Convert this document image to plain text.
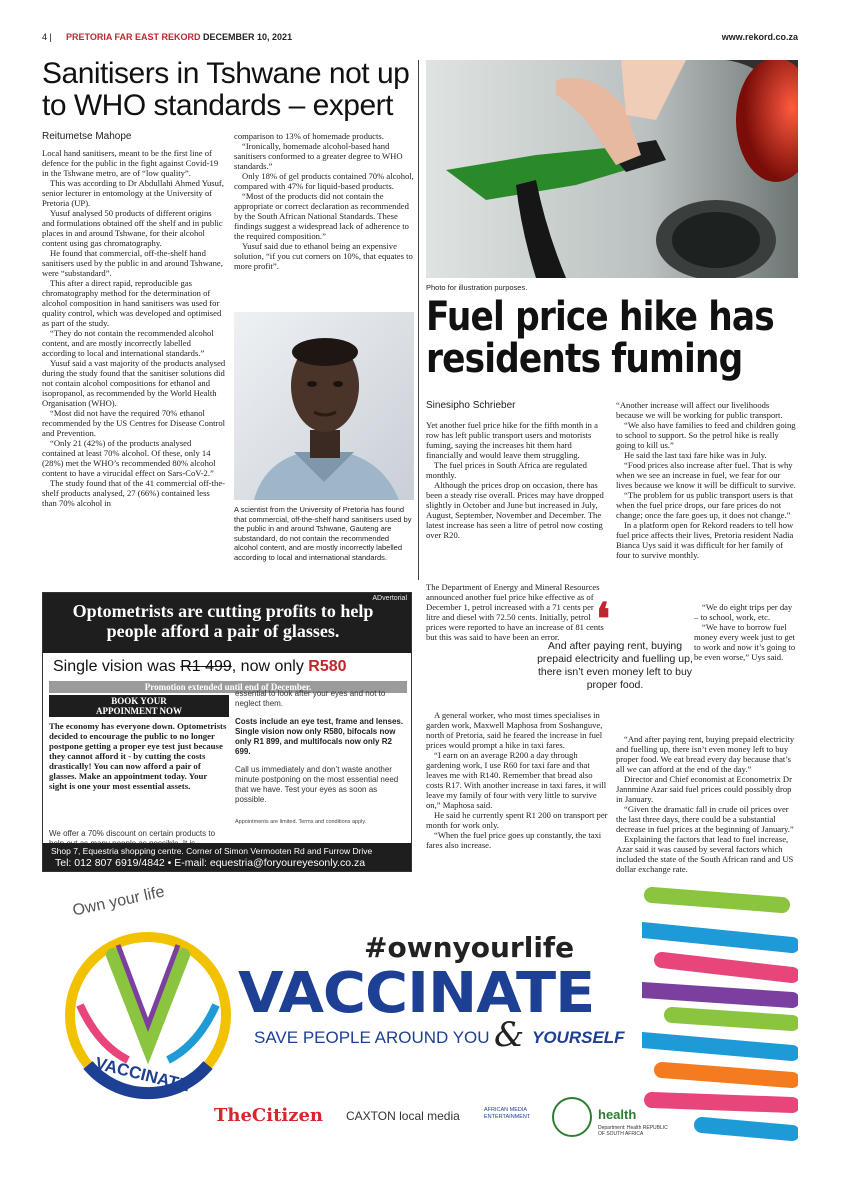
4 | PRETORIA FAR EAST REKORD DECEMBER 10, 2021	www.rekord.co.za
Sanitisers in Tshwane not up to WHO standards – expert
Reitumetse Mahope

Local hand sanitisers, meant to be the first line of defence for the public in the fight against Covid-19 in the Tshwane metro, are of “low quality”.

This was according to Dr Abdullahi Ahmed Yusuf, senior lecturer in entomology at the University of Pretoria (UP).

Yusuf analysed 50 products of different origins and formulations obtained off the shelf and in public places in and around Tshwane, for their alcohol content using gas chromatography.

He found that commercial, off-the-shelf hand sanitisers used by the public in and around Tshwane, were “substandard”.

This after a direct rapid, reproducible gas chromatography method for the determination of alcohol composition in hand sanitisers was used for quality control, which was developed and optimised as part of the study.

“They do not contain the recommended alcohol content, and are mostly incorrectly labelled according to local and international standards.”

Yusuf said a vast majority of the products analysed during the study found that the sanitiser solutions did not contain alcohol compositions for ethanol and isopropanol, as recommended by the World Health Organisation (WHO).

“Most did not have the required 70% ethanol recommended by the US Centres for Disease Control and Prevention.

“Only 21 (42%) of the products analysed contained at least 70% alcohol. Of these, only 14 (28%) met the WHO’s recommended 80% alcohol content to have a virucidal effect on Sars-CoV-2.”

The study found that of the 41 commercial off-the-shelf products analysed, 27 (66%) contained less than 70% alcohol in

comparison to 13% of homemade products.

“Ironically, homemade alcohol-based hand sanitisers conformed to a greater degree to WHO standards.”

Only 18% of gel products contained 70% alcohol, compared with 47% for liquid-based products.

“Most of the products did not contain the appropriate or correct declaration as recommended by the South African National Standards. These findings suggest a widespread lack of adherence to the required composition.”

Yusuf said due to ethanol being an expensive solution, “if you cut corners on 10%, that equates to more profit”.

A scientist from the University of Pretoria has found that commercial, off-the-shelf hand sanitisers used by the public in and around Tshwane, Gauteng are substandard, do not contain the recommended alcohol content, and are mostly incorrectly labelled according to local and international standards.
Photo for illustration purposes.
Fuel price hike has residents fuming
Sinesipho Schrieber

Yet another fuel price hike for the fifth month in a row has left public transport users and motorists fuming, saying the increases hit them hard financially and would leave them struggling.

The fuel prices in South Africa are regulated monthly.

Although the prices drop on occasion, there has been a steady rise overall. Prices may have dropped slightly in October and June but increased in July, August, September, November and December. The latest increase has seen a litre of petrol now costing over R20.

The Department of Energy and Mineral Resources announced another fuel price hike effective as of December 1, petrol increased with a 71 cents per litre and diesel with 72.50 cents. Initially, petrol prices were reported to have an increase of 81 cents but this was said to have been an error.

A general worker, who most times specialises in garden work, Maxwell Maphosa from Soshanguve, north of Pretoria, said he feared the increase in fuel prices would prompt a hike in taxi fares.

“I earn on an average R200 a day through gardening work, I use R60 for taxi fare and that leaves me with R140. Remember that bread also costs R17. With another increase in taxi fares, it will leave my family of four with very little to survive on,” Maphosa said.

He said he currently spent R1 200 on transport per month for work only.

“When the fuel price goes up constantly, the taxi fares also increase.

“Another increase will affect our livelihoods because we will be working for public transport.

“We also have families to feed and children going to school to support. So the petrol hike is really going to kill us.”

He said the last taxi fare hike was in July.

“Food prices also increase after fuel. That is why when we see an increase in fuel, we fear for our lives because we know it will be difficult to survive.

“The problem for us public transport users is that when the fuel price drops, our fare prices do not change; once the fare goes up, it does not change.”

In a platform open for Rekord readers to tell how fuel price affects their lives, Pretoria resident Nadia Bianca Uys said it was difficult for her family of four to survive monthly.

“We do eight trips per day – to school, work, etc.

“We have to borrow fuel money every week just to get to work and now it’s going to be even worse,” Uys said.

“And after paying rent, buying prepaid electricity and fuelling up, there isn’t even money left to buy proper food. We eat bread every day because that’s all we can afford at the end of the day.”

Director and Chief economist at Econometrix Dr Jannmine Azar said fuel prices could possibly drop in January.

“Given the dramatic fall in crude oil prices over the last three days, there could be a substantial decrease in fuel prices at the beginning of January.”

Explaining the factors that lead to fuel increase, Azar said it was caused by several factors which included the state of the South African rand and US dollar exchange rate.

❛
And after paying rent, buying prepaid electricity and fuelling up, there isn’t even money left to buy proper food.
ADvertorial
Optometrists are cutting profits to help people afford a pair of glasses.
Single vision was R1 499, now only R580
Promotion extended until end of December.
BOOK YOUR
APPOINMENT NOW
The economy has everyone down. Optometrists decided to encourage the public to no longer postpone getting a proper eye test just because they cannot afford it - by cutting the costs drastically! You can now afford a pair of glasses. Make an appointment today. Your sight is one your most essential assets.
We offer a 70% discount on certain products to
essential to look after your eyes and not to neglect them.
Costs include an eye test, frame and lenses. Single vision now only R580, bifocals now only R1 899, and multifocals now only R2 699.
Call us immediately and don’t waste another minute postponing on the most essential need that we have. Test your eyes as soon as possible.
Appointments are limited. Terms and conditions apply.
Shop 7, Equestria shopping centre. Corner of Simon Vermooten Rd and Furrow Drive
Tel: 012 807 6919/4842 • E-mail: equestria@foryoureyesonly.co.za
Own your life
VACCINATE
#ownyourlife
VACCINATE
SAVE PEOPLE AROUND YOU & YOURSELF
TheCitizen CAXTON local media	AFRICAN MEDIA ENTERTAINMENT	health
Department: Health REPUBLIC OF SOUTH AFRICA
